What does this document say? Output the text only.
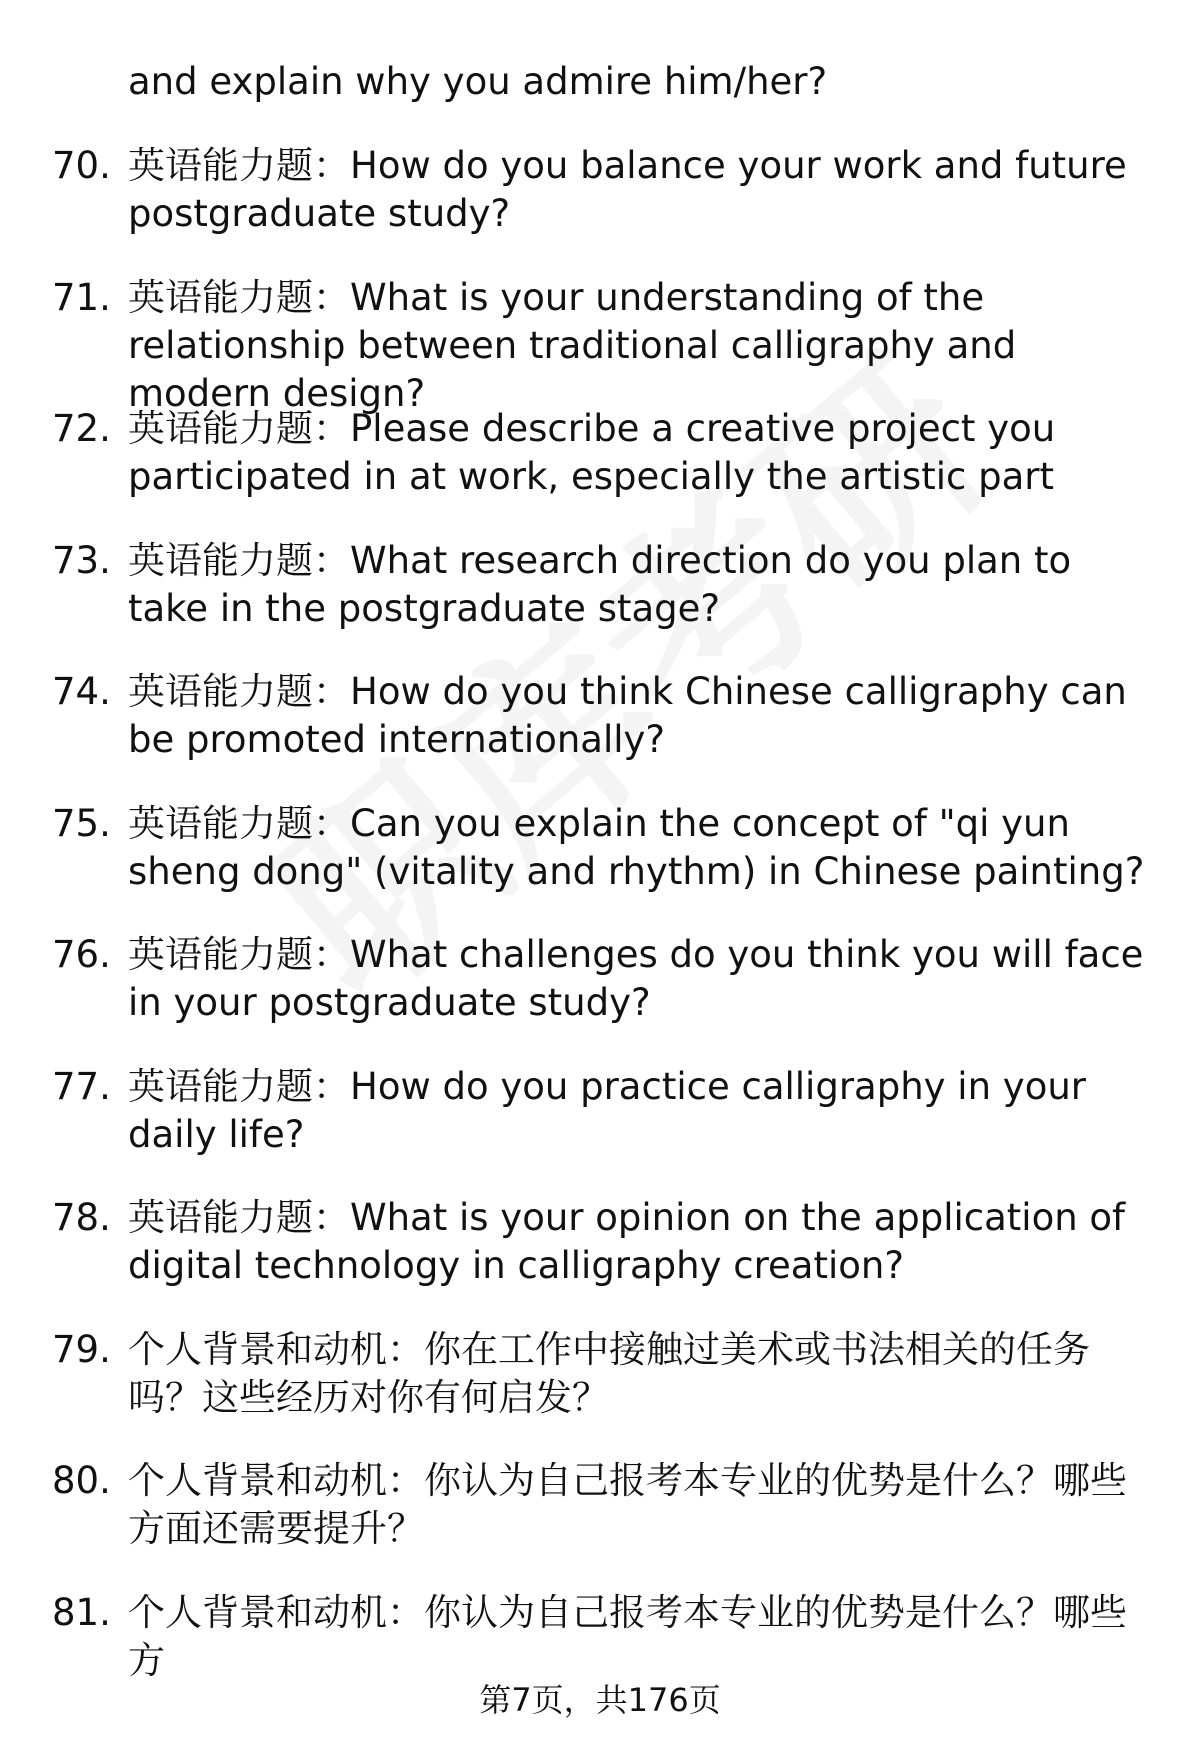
and explain why you admire him/her?
70. 英语能力题：How do you balance your work and future postgraduate study?
71. 英语能力题：What is your understanding of the relationship between traditional calligraphy and modern design?
72. 英语能力题：Please describe a creative project you participated in at work, especially the artistic part
73. 英语能力题：What research direction do you plan to take in the postgraduate stage?
74. 英语能力题：How do you think Chinese calligraphy can be promoted internationally?
75. 英语能力题：Can you explain the concept of "qi yun sheng dong" (vitality and rhythm) in Chinese painting?
76. 英语能力题：What challenges do you think you will face in your postgraduate study?
77. 英语能力题：How do you practice calligraphy in your daily life?
78. 英语能力题：What is your opinion on the application of digital technology in calligraphy creation?
79. 个人背景和动机：你在工作中接触过美术或书法相关的任务吗？这些经历对你有何启发？
80. 个人背景和动机：你认为自己报考本专业的优势是什么？哪些方面还需要提升？
81. 个人背景和动机：你认为自己报考本专业的优势是什么？哪些方
第7页，共176页
